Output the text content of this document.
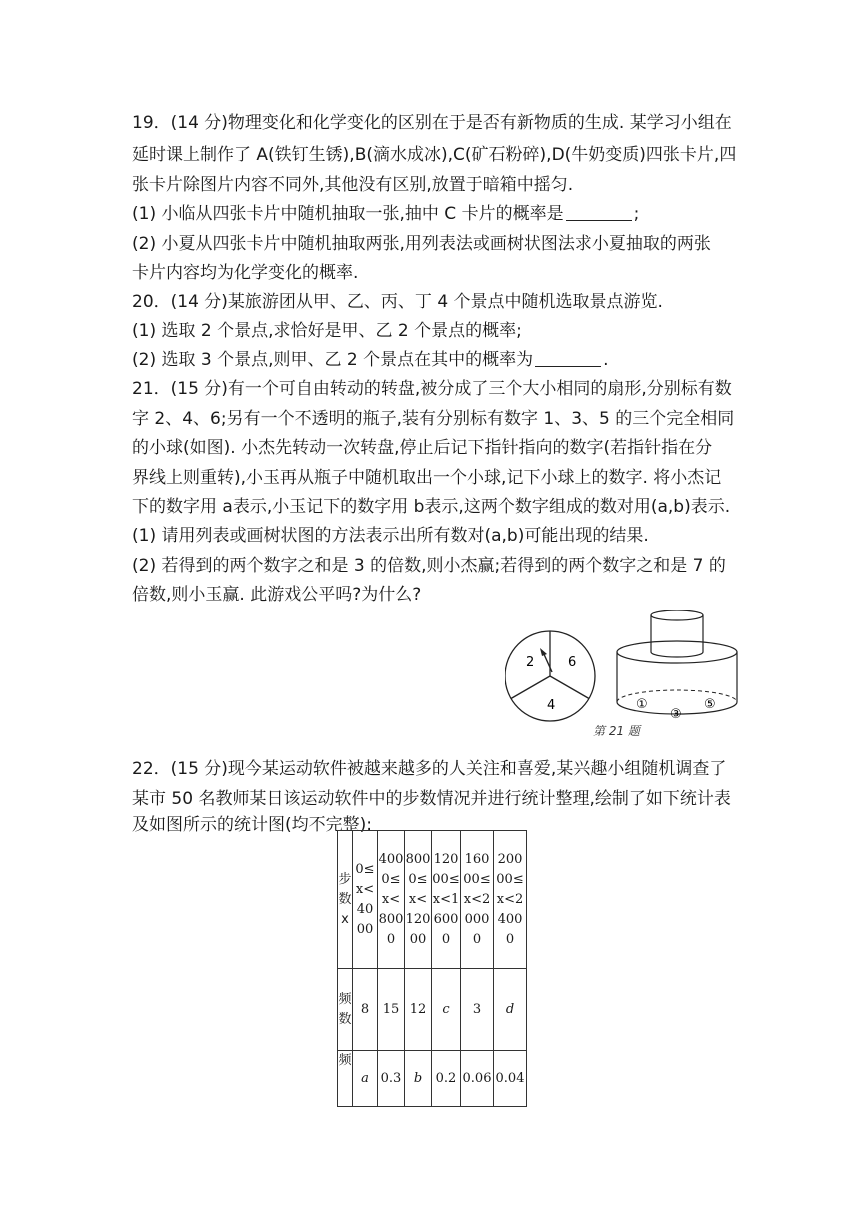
19．(14 分)物理变化和化学变化的区别在于是否有新物质的生成. 某学习小组在
延时课上制作了 A(铁钉生锈),B(滴水成冰),C(矿石粉碎),D(牛奶变质)四张卡片,四
张卡片除图片内容不同外,其他没有区别,放置于暗箱中摇匀.
(1) 小临从四张卡片中随机抽取一张,抽中 C 卡片的概率是	;
(2) 小夏从四张卡片中随机抽取两张,用列表法或画树状图法求小夏抽取的两张
卡片内容均为化学变化的概率.
20．(14 分)某旅游团从甲、乙、丙、丁 4 个景点中随机选取景点游览.
(1) 选取 2 个景点,求恰好是甲、乙 2 个景点的概率;
(2) 选取 3 个景点,则甲、乙 2 个景点在其中的概率为	.
21．(15 分)有一个可自由转动的转盘,被分成了三个大小相同的扇形,分别标有数
字 2、4、6;另有一个不透明的瓶子,装有分别标有数字 1、3、5 的三个完全相同
的小球(如图). 小杰先转动一次转盘,停止后记下指针指向的数字(若指针指在分
界线上则重转),小玉再从瓶子中随机取出一个小球,记下小球上的数字. 将小杰记
下的数字用 a表示,小玉记下的数字用 b表示,这两个数字组成的数对用(a,b)表示.
(1) 请用列表或画树状图的方法表示出所有数对(a,b)可能出现的结果.
(2) 若得到的两个数字之和是 3 的倍数,则小杰赢;若得到的两个数字之和是 7 的
倍数,则小玉赢. 此游戏公平吗?为什么?
2	6
4	①
③
⑤
第 21 题
22．(15 分)现今某运动软件被越来越多的人关注和喜爱,某兴趣小组随机调查了
某市 50 名教师某日该运动软件中的步数情况并进行统计整理,绘制了如下统计表
及如图所示的统计图(均不完整):
步数x	0≤x<4000	4000≤x<8000	8000≤x<12000	12000≤x<16000	16000≤x<20000	20000≤x<24000

频数	8	15	12	c	3	d
频	a	0.3	b	0.2	0.06	0.04
